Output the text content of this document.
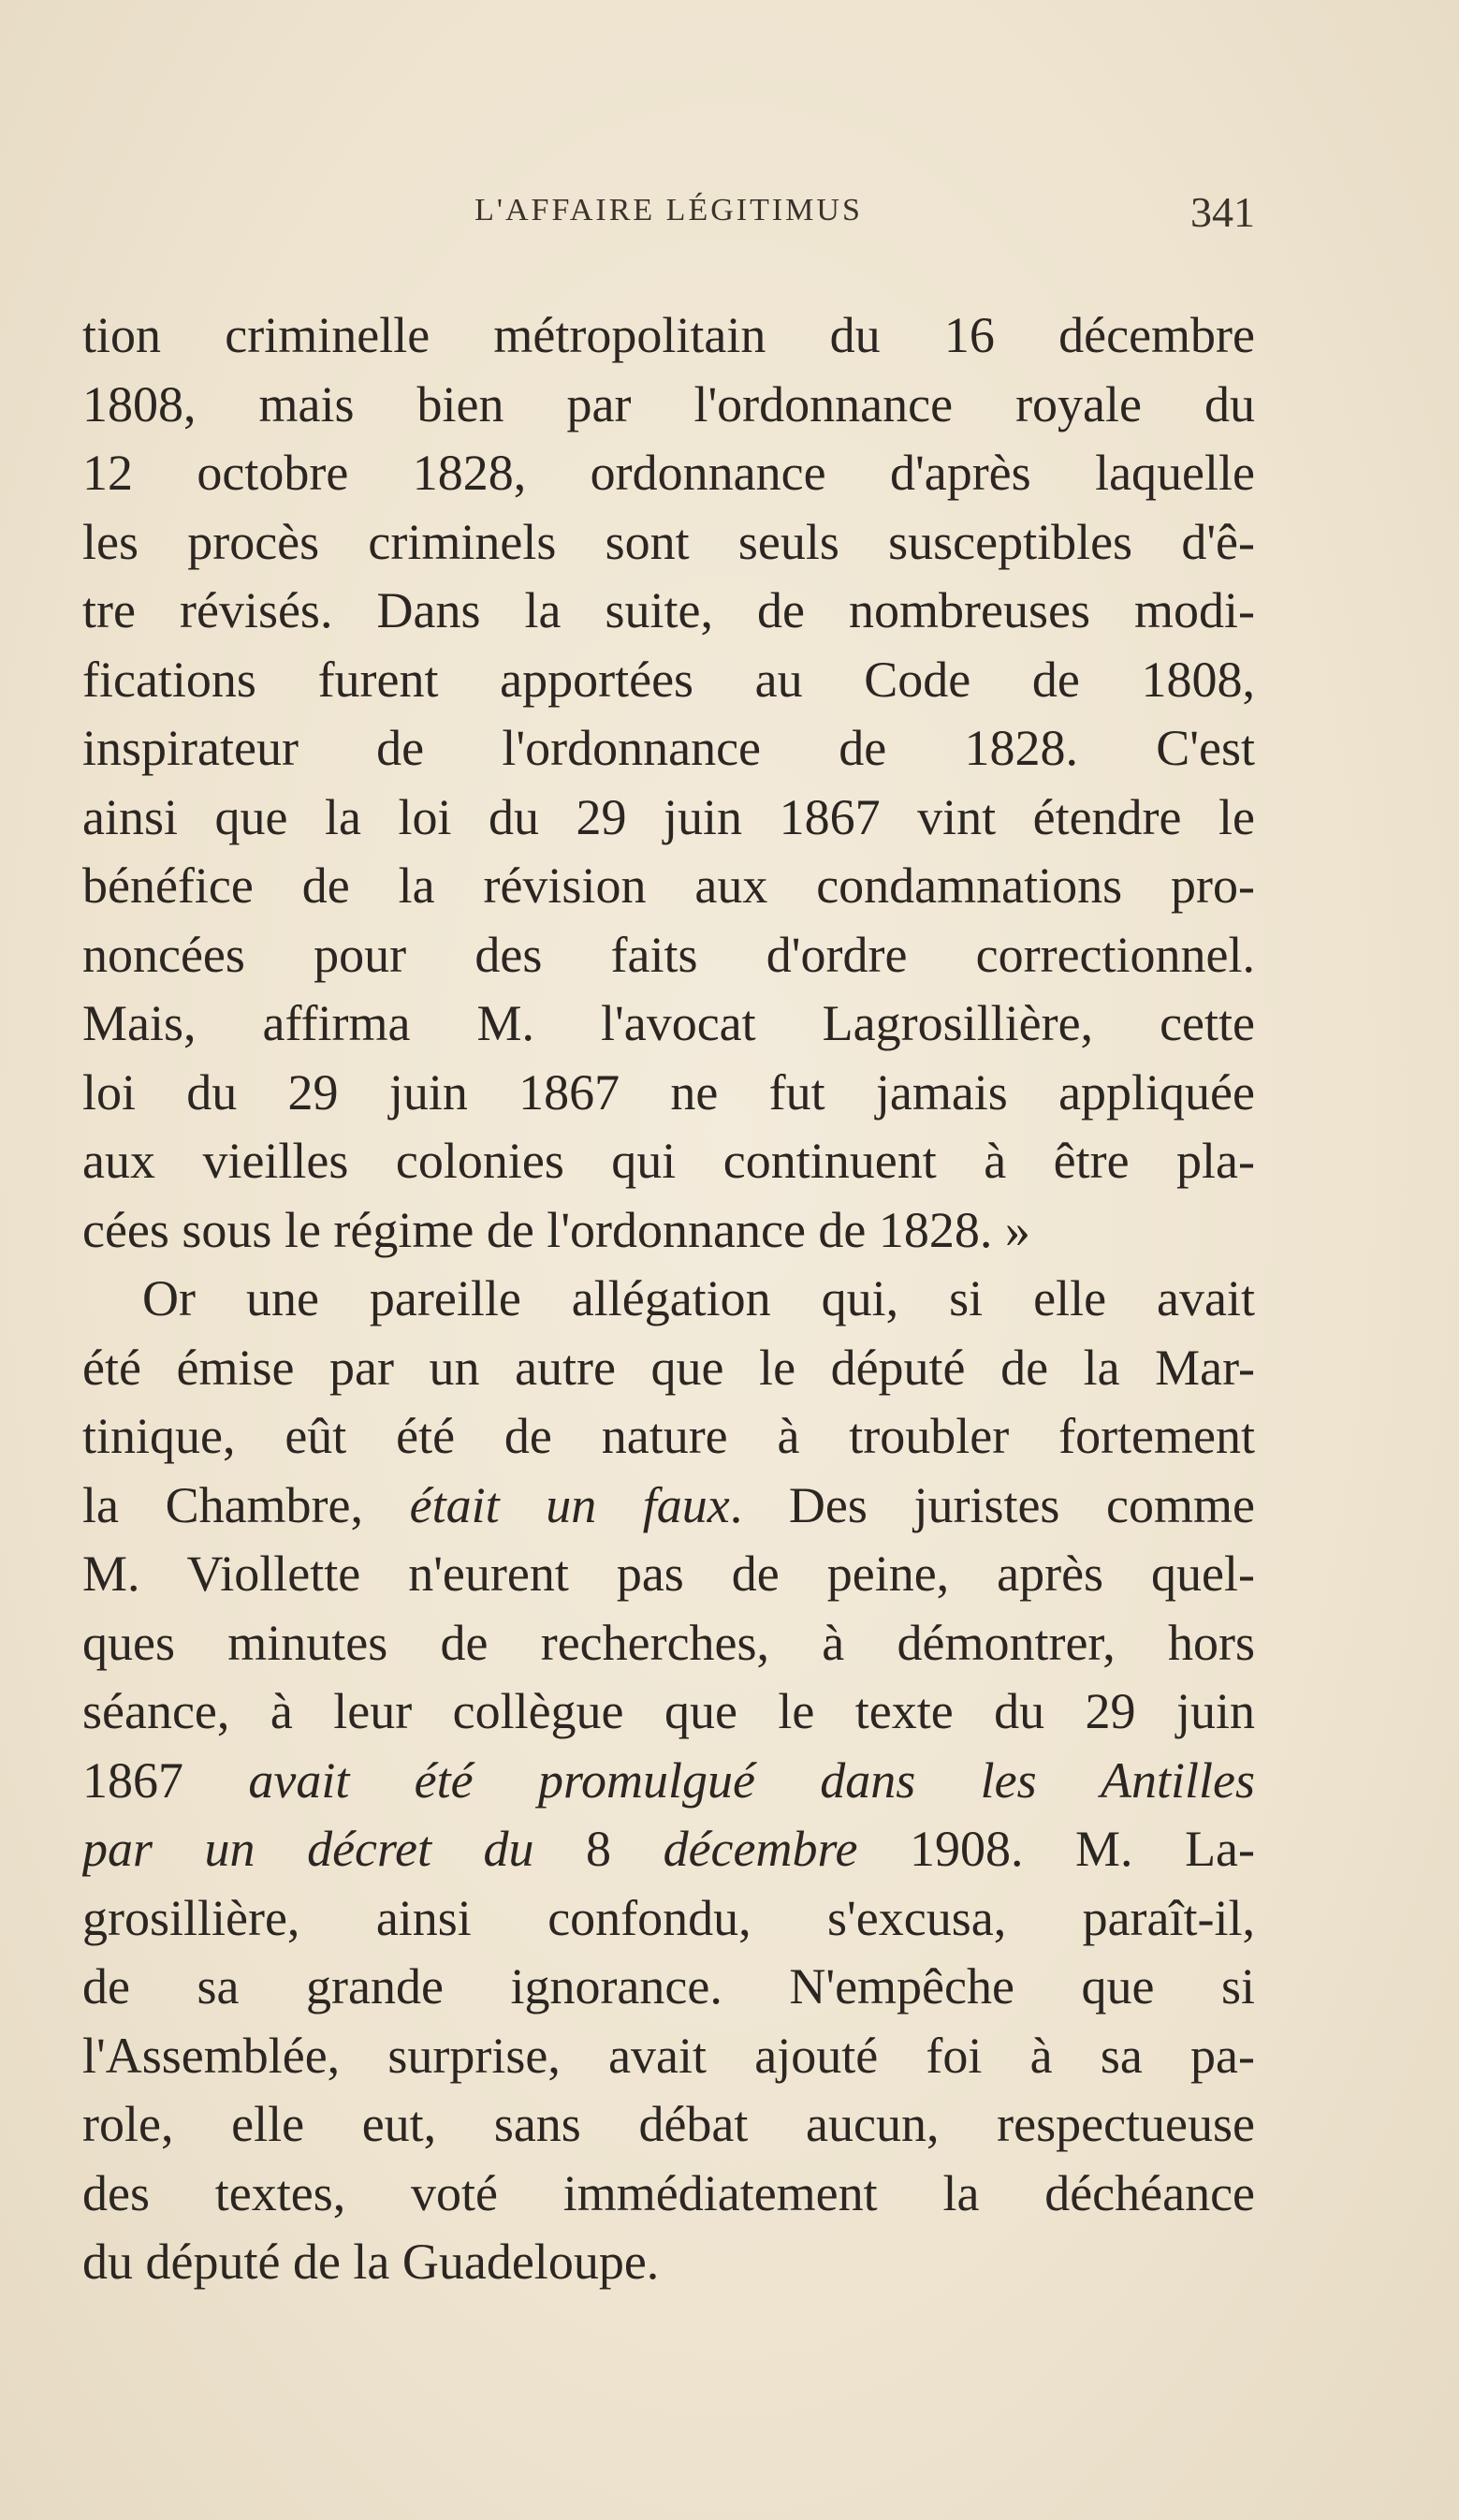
L'AFFAIRE LÉGITIMUS	341
tion criminelle métropolitain du 16 décembre
1808, mais bien par l'ordonnance royale du
12 octobre 1828, ordonnance d'après laquelle
les procès criminels sont seuls susceptibles d'ê-
tre révisés. Dans la suite, de nombreuses modi-
fications furent apportées au Code de 1808,
inspirateur de l'ordonnance de 1828. C'est
ainsi que la loi du 29 juin 1867 vint étendre le
bénéfice de la révision aux condamnations pro-
noncées pour des faits d'ordre correctionnel.
Mais, affirma M. l'avocat Lagrosillière, cette
loi du 29 juin 1867 ne fut jamais appliquée
aux vieilles colonies qui continuent à être pla-
cées sous le régime de l'ordonnance de 1828. »
Or une pareille allégation qui, si elle avait
été émise par un autre que le député de la Mar-
tinique, eût été de nature à troubler fortement
la Chambre, était un faux. Des juristes comme
M. Viollette n'eurent pas de peine, après quel-
ques minutes de recherches, à démontrer, hors
séance, à leur collègue que le texte du 29 juin
1867 avait été promulgué dans les Antilles
par un décret du 8 décembre 1908. M. La-
grosillière, ainsi confondu, s'excusa, paraît-il,
de sa grande ignorance. N'empêche que si
l'Assemblée, surprise, avait ajouté foi à sa pa-
role, elle eut, sans débat aucun, respectueuse
des textes, voté immédiatement la déchéance
du député de la Guadeloupe.
